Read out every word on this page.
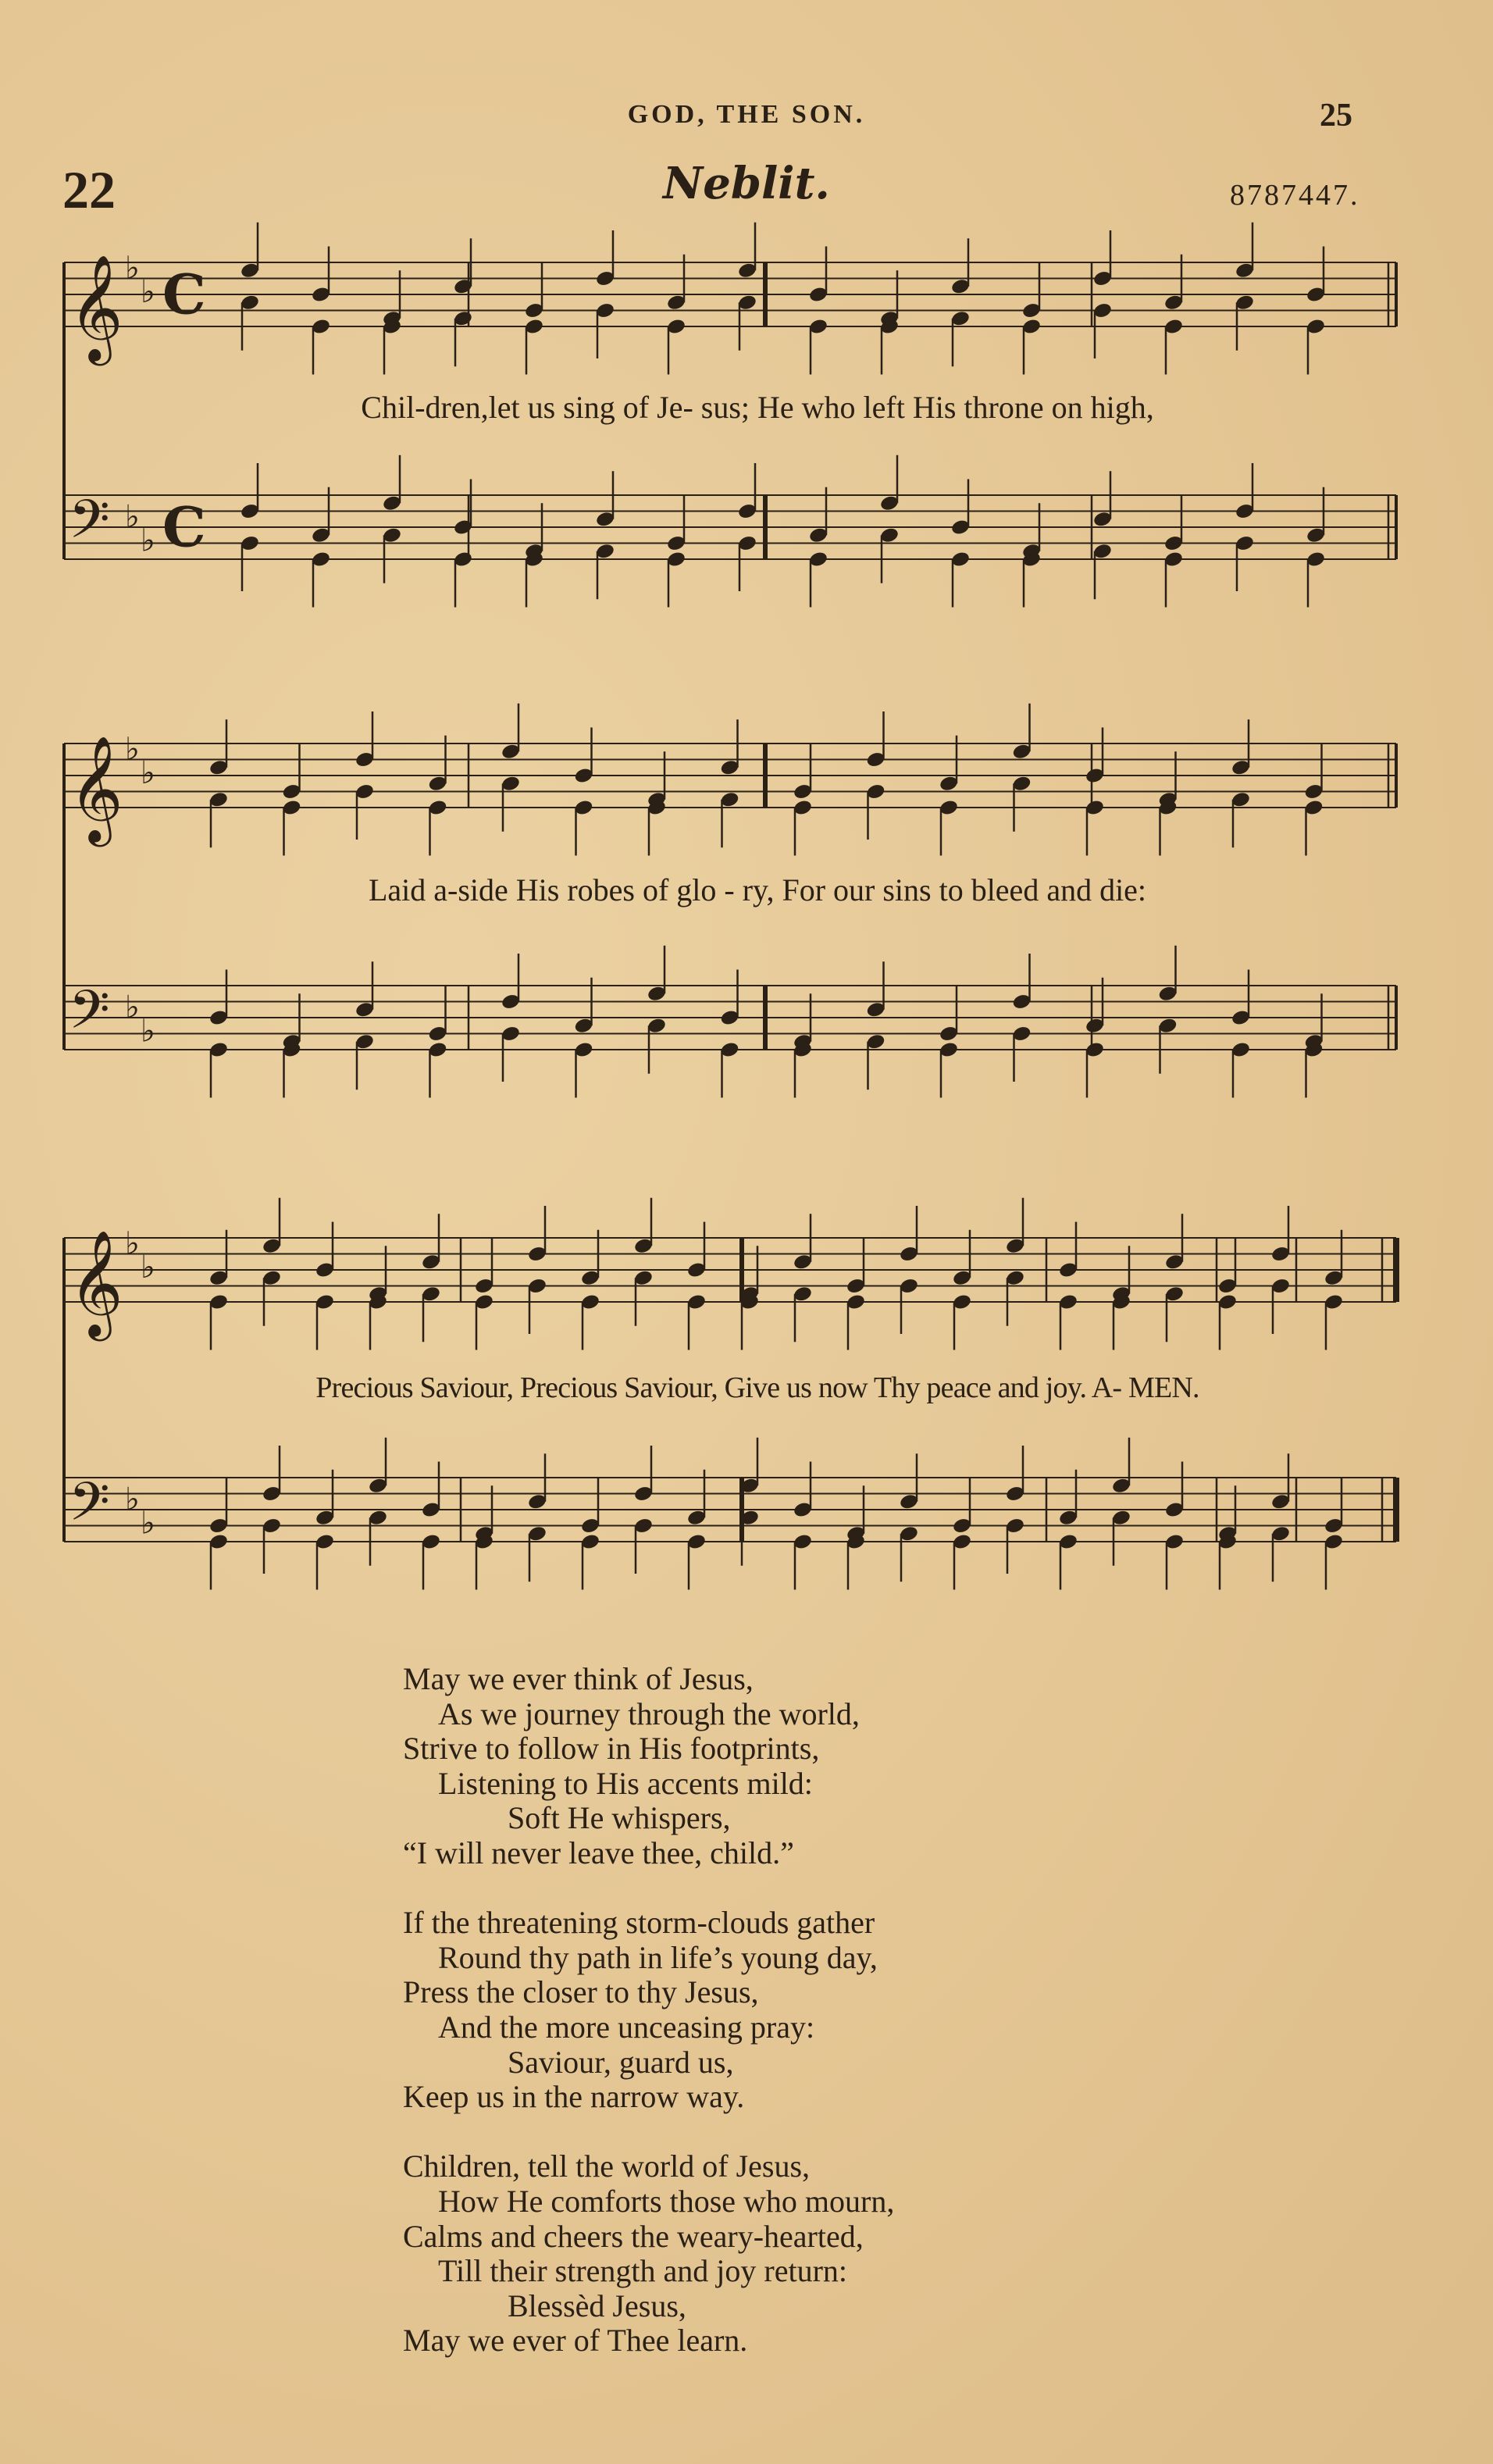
GOD, THE SON.	25
22	Neblit.	8787447.
𝄞 ♭
♭ C
𝄢 ♭
♭ C
𝄞 ♭
♭
𝄢 ♭
♭
𝄞 ♭
♭
𝄢 ♭
♭
Chil-dren,let us sing of Je- sus; He who left His throne on high,
Laid a-side His robes of glo - ry, For our sins to bleed and die:
Precious Saviour, Precious Saviour, Give us now Thy peace and joy. A- MEN.
May we ever think of Jesus,
As we journey through the world,
Strive to follow in His footprints,
Listening to His accents mild:
Soft He whispers,
“I will never leave thee, child.”
If the threatening storm-clouds gather
Round thy path in life’s young day,
Press the closer to thy Jesus,
And the more unceasing pray:
Saviour, guard us,
Keep us in the narrow way.
Children, tell the world of Jesus,
How He comforts those who mourn,
Calms and cheers the weary-hearted,
Till their strength and joy return:
Blessèd Jesus,
May we ever of Thee learn.
